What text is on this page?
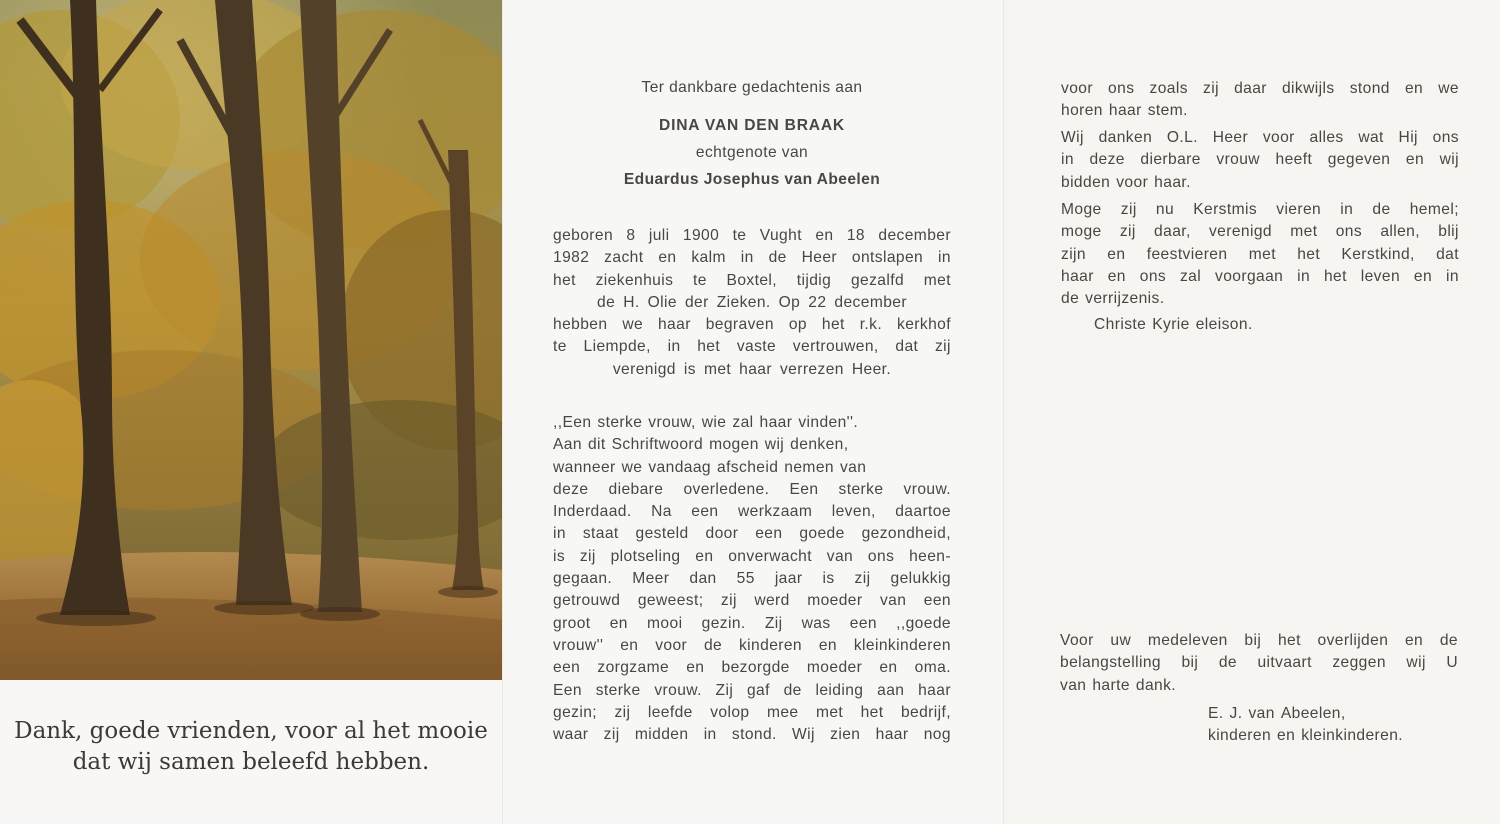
Dank, goede vrienden, voor al het mooie
dat wij samen beleefd hebben.
Ter dankbare gedachtenis aan
DINA VAN DEN BRAAK
echtgenote van
Eduardus Josephus van Abeelen
geboren 8 juli 1900 te Vught en 18 december
1982 zacht en kalm in de Heer ontslapen in
het ziekenhuis te Boxtel, tijdig gezalfd met
de H. Olie der Zieken. Op 22 december
hebben we haar begraven op het r.k. kerkhof
te Liempde, in het vaste vertrouwen, dat zij
verenigd is met haar verrezen Heer.
,,Een sterke vrouw, wie zal haar vinden''.
Aan dit Schriftwoord mogen wij denken,
wanneer we vandaag afscheid nemen van
deze diebare overledene. Een sterke vrouw.
Inderdaad. Na een werkzaam leven, daartoe
in staat gesteld door een goede gezondheid,
is zij plotseling en onverwacht van ons heen-
gegaan. Meer dan 55 jaar is zij gelukkig
getrouwd geweest; zij werd moeder van een
groot en mooi gezin. Zij was een ,,goede
vrouw'' en voor de kinderen en kleinkinderen
een zorgzame en bezorgde moeder en oma.
Een sterke vrouw. Zij gaf de leiding aan haar
gezin; zij leefde volop mee met het bedrijf,
waar zij midden in stond. Wij zien haar nog
voor ons zoals zij daar dikwijls stond en we
horen haar stem.
Wij danken O.L. Heer voor alles wat Hij ons
in deze dierbare vrouw heeft gegeven en wij
bidden voor haar.
Moge zij nu Kerstmis vieren in de hemel;
moge zij daar, verenigd met ons allen, blij
zijn en feestvieren met het Kerstkind, dat
haar en ons zal voorgaan in het leven en in
de verrijzenis.
Christe Kyrie eleison.
Voor uw medeleven bij het overlijden en de
belangstelling bij de uitvaart zeggen wij U
van harte dank.
E. J. van Abeelen,
kinderen en kleinkinderen.
